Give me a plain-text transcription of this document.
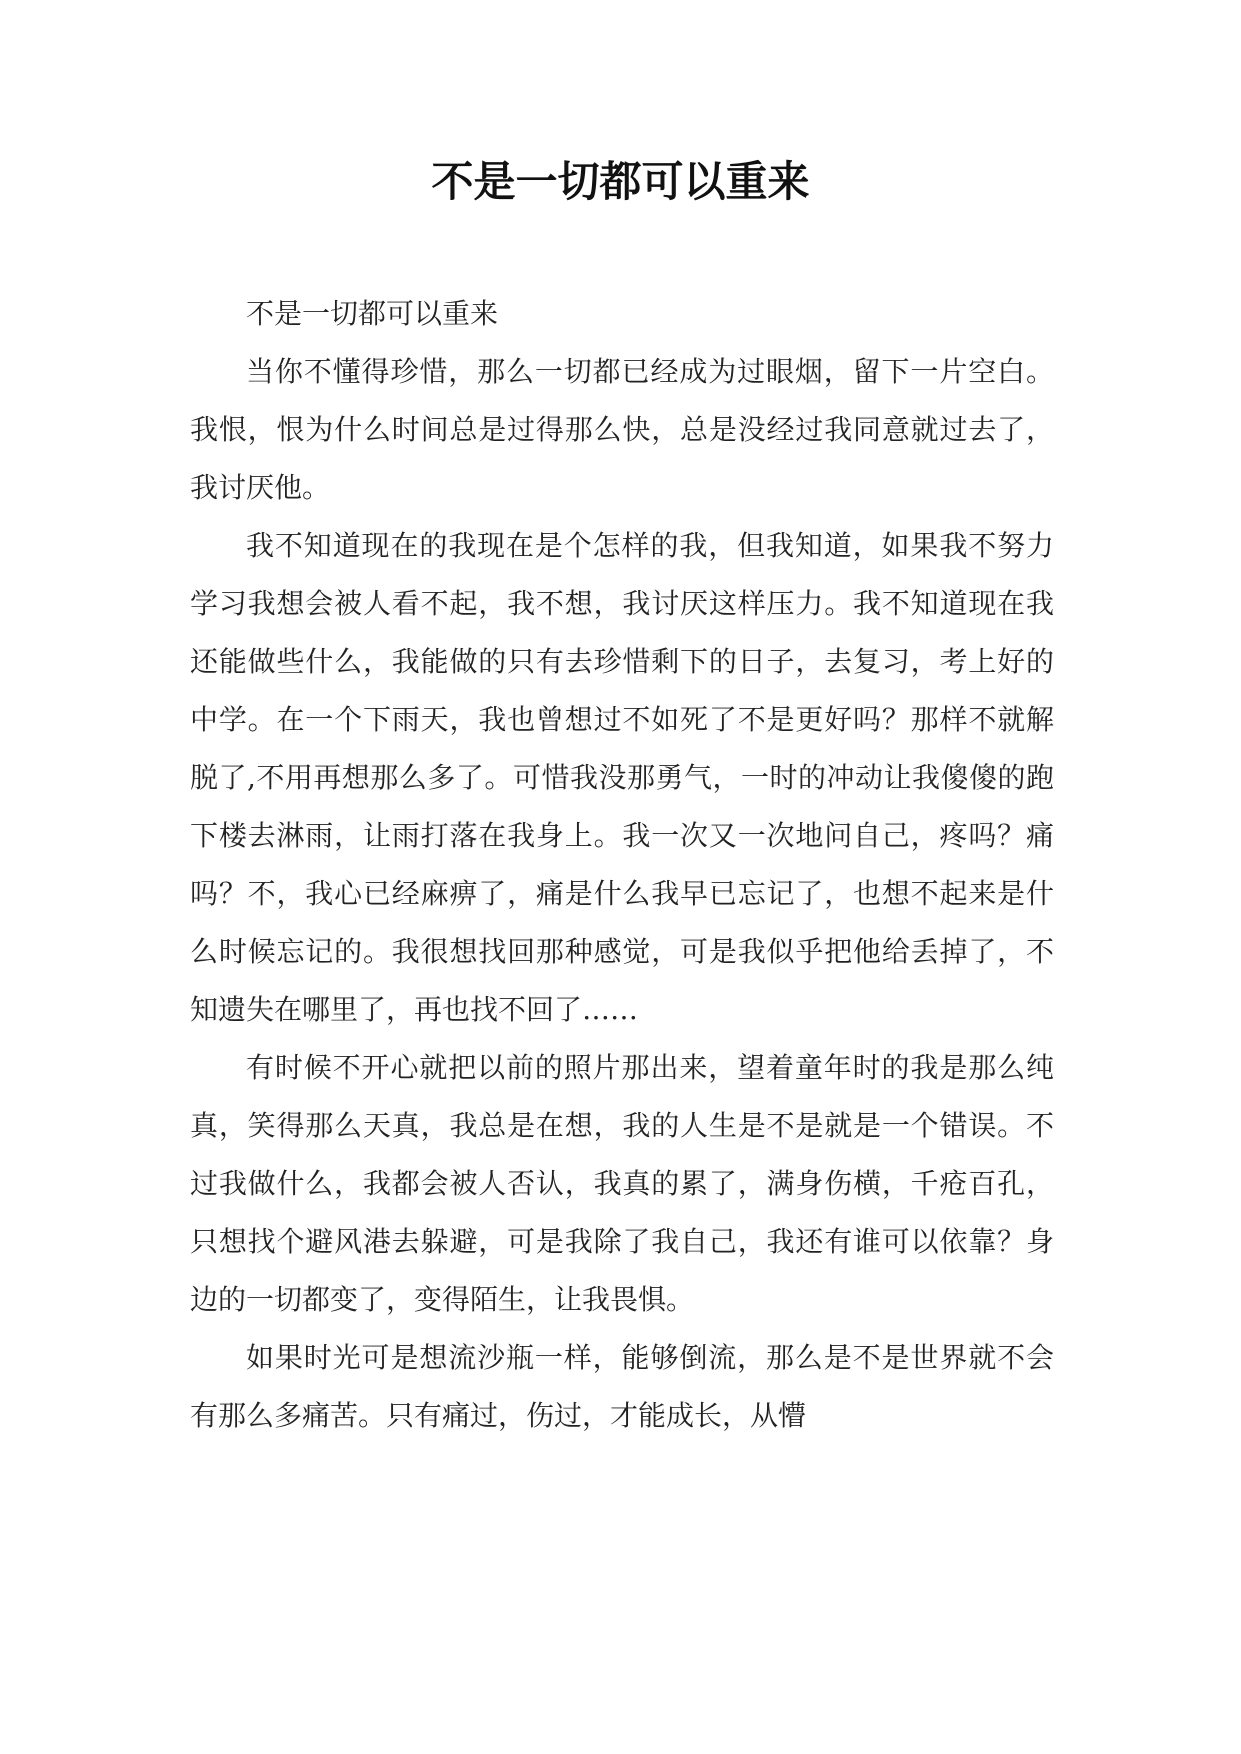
不是一切都可以重来

不是一切都可以重来

当你不懂得珍惜，那么一切都已经成为过眼烟，留下一片空白。我恨，恨为什么时间总是过得那么快，总是没经过我同意就过去了，我讨厌他。

我不知道现在的我现在是个怎样的我，但我知道，如果我不努力学习我想会被人看不起，我不想，我讨厌这样压力。我不知道现在我还能做些什么，我能做的只有去珍惜剩下的日子，去复习，考上好的中学。在一个下雨天，我也曾想过不如死了不是更好吗？那样不就解脱了,不用再想那么多了。可惜我没那勇气，一时的冲动让我傻傻的跑下楼去淋雨，让雨打落在我身上。我一次又一次地问自己，疼吗？痛吗？不，我心已经麻痹了，痛是什么我早已忘记了，也想不起来是什么时候忘记的。我很想找回那种感觉，可是我似乎把他给丢掉了，不知遗失在哪里了，再也找不回了……

有时候不开心就把以前的照片那出来，望着童年时的我是那么纯真，笑得那么天真，我总是在想，我的人生是不是就是一个错误。不过我做什么，我都会被人否认，我真的累了，满身伤横，千疮百孔，只想找个避风港去躲避，可是我除了我自己，我还有谁可以依靠？身边的一切都变了，变得陌生，让我畏惧。

如果时光可是想流沙瓶一样，能够倒流，那么是不是世界就不会有那么多痛苦。只有痛过，伤过，才能成长，从懵
